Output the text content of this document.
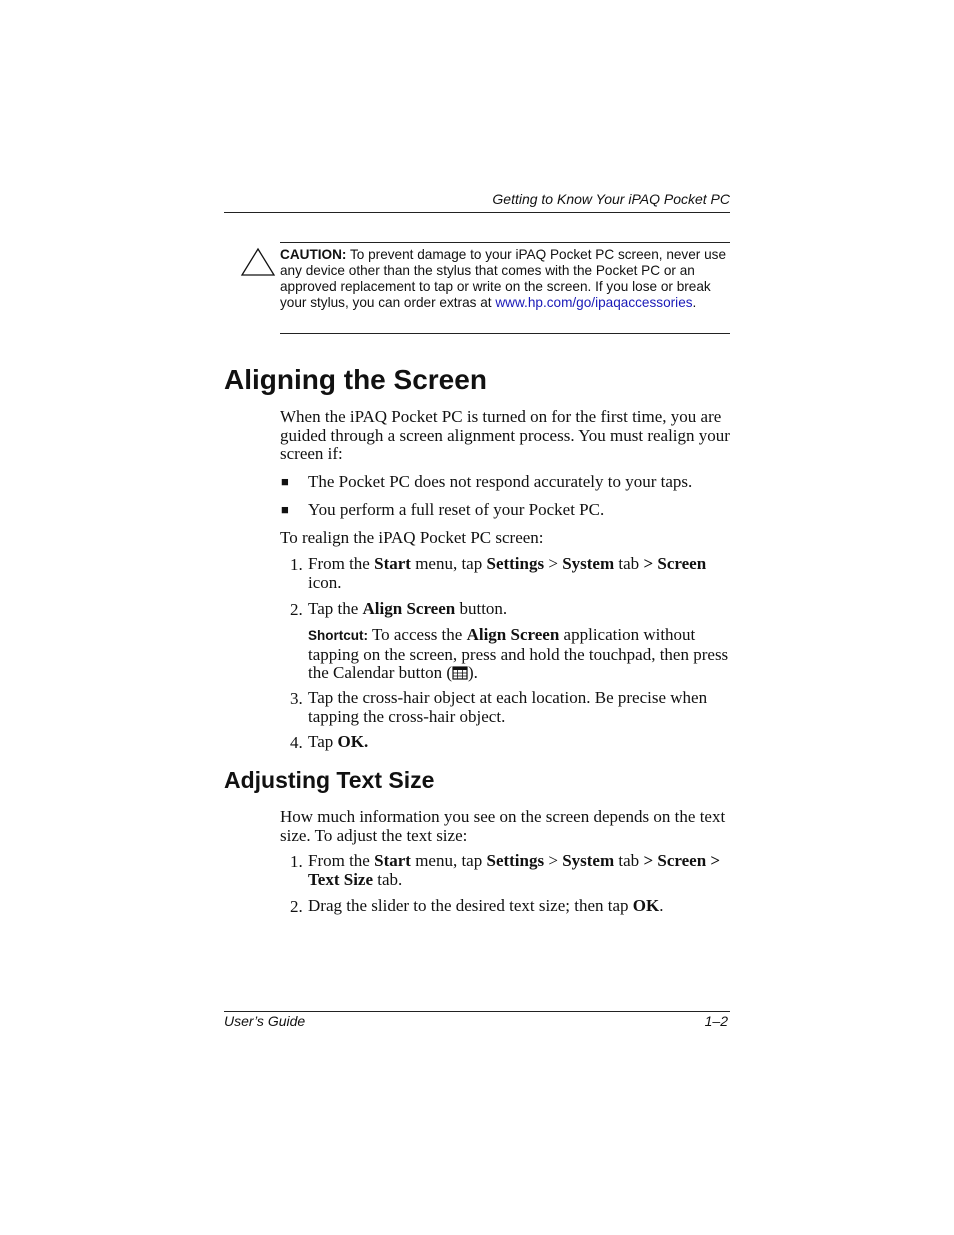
Getting to Know Your iPAQ Pocket PC
CAUTION: To prevent damage to your iPAQ Pocket PC screen, never use any device other than the stylus that comes with the Pocket PC or an approved replacement to tap or write on the screen. If you lose or break your stylus, you can order extras at www.hp.com/go/ipaqaccessories.
Aligning the Screen
When the iPAQ Pocket PC is turned on for the first time, you are guided through a screen alignment process. You must realign your screen if:
■ The Pocket PC does not respond accurately to your taps.
■ You perform a full reset of your Pocket PC.
To realign the iPAQ Pocket PC screen:
1. From the Start menu, tap Settings > System tab > Screen icon.
2. Tap the Align Screen button.
Shortcut: To access the Align Screen application without tapping on the screen, press and hold the touchpad, then press the Calendar button ( ).
3. Tap the cross-hair object at each location. Be precise when tapping the cross-hair object.
4. Tap OK.
Adjusting Text Size
How much information you see on the screen depends on the text size. To adjust the text size:
1. From the Start menu, tap Settings > System tab > Screen > Text Size tab.
2. Drag the slider to the desired text size; then tap OK.
User’s Guide	1–2
